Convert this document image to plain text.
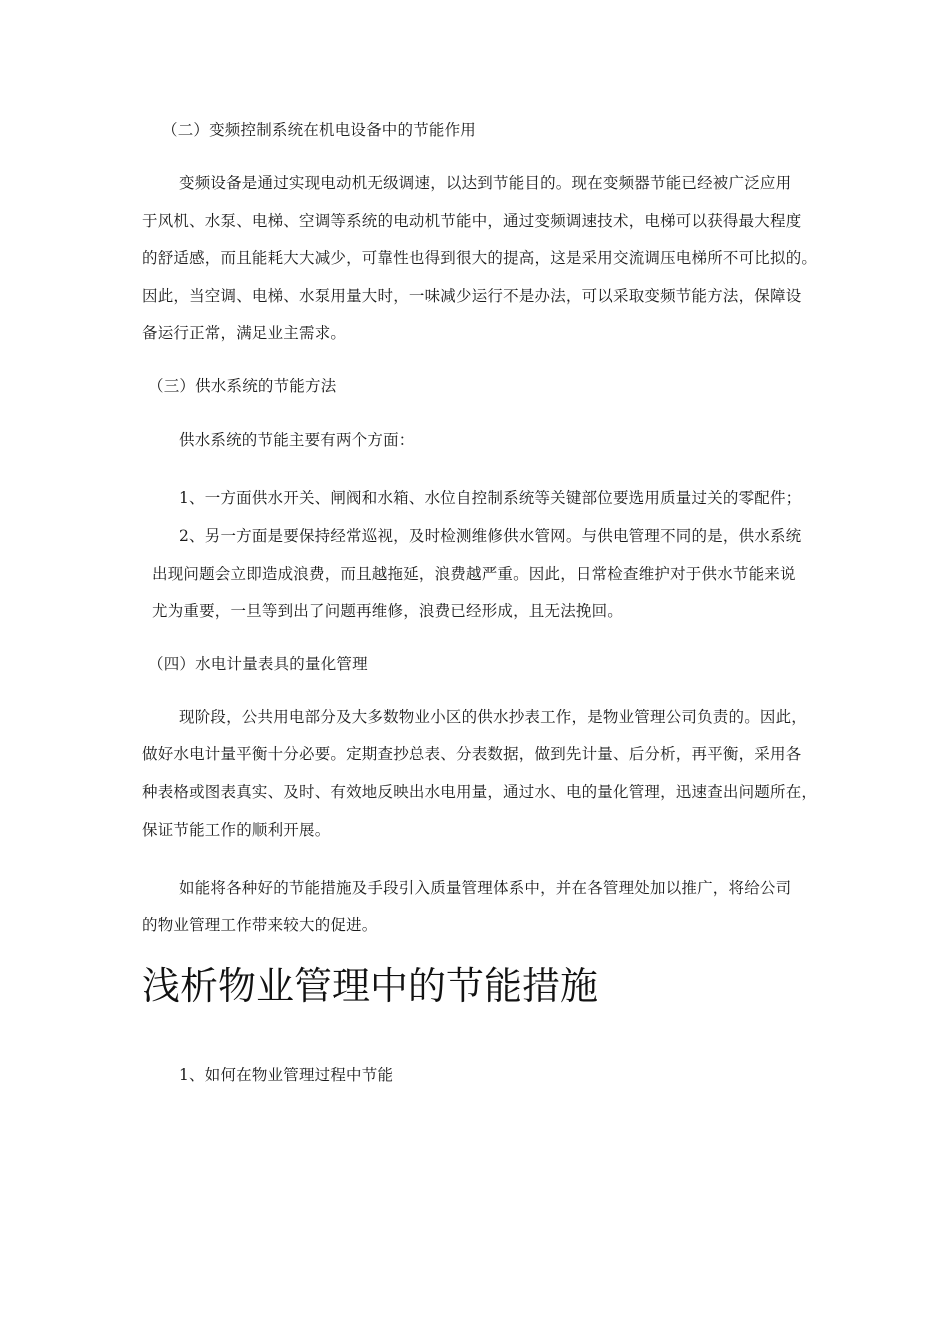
（二）变频控制系统在机电设备中的节能作用
变频设备是通过实现电动机无级调速，以达到节能目的。现在变频器节能已经被广泛应用
于风机、水泵、电梯、空调等系统的电动机节能中，通过变频调速技术，电梯可以获得最大程度
的舒适感，而且能耗大大减少，可靠性也得到很大的提高，这是采用交流调压电梯所不可比拟的。
因此，当空调、电梯、水泵用量大时，一味减少运行不是办法，可以采取变频节能方法，保障设
备运行正常，满足业主需求。
（三）供水系统的节能方法
供水系统的节能主要有两个方面：
1、一方面供水开关、闸阀和水箱、水位自控制系统等关键部位要选用质量过关的零配件；
2、另一方面是要保持经常巡视，及时检测维修供水管网。与供电管理不同的是，供水系统
出现问题会立即造成浪费，而且越拖延，浪费越严重。因此，日常检查维护对于供水节能来说
尤为重要，一旦等到出了问题再维修，浪费已经形成，且无法挽回。
（四）水电计量表具的量化管理
现阶段，公共用电部分及大多数物业小区的供水抄表工作，是物业管理公司负责的。因此，
做好水电计量平衡十分必要。定期查抄总表、分表数据，做到先计量、后分析，再平衡，采用各
种表格或图表真实、及时、有效地反映出水电用量，通过水、电的量化管理，迅速查出问题所在，
保证节能工作的顺利开展。
如能将各种好的节能措施及手段引入质量管理体系中，并在各管理处加以推广，将给公司
的物业管理工作带来较大的促进。
浅析物业管理中的节能措施
1、如何在物业管理过程中节能
